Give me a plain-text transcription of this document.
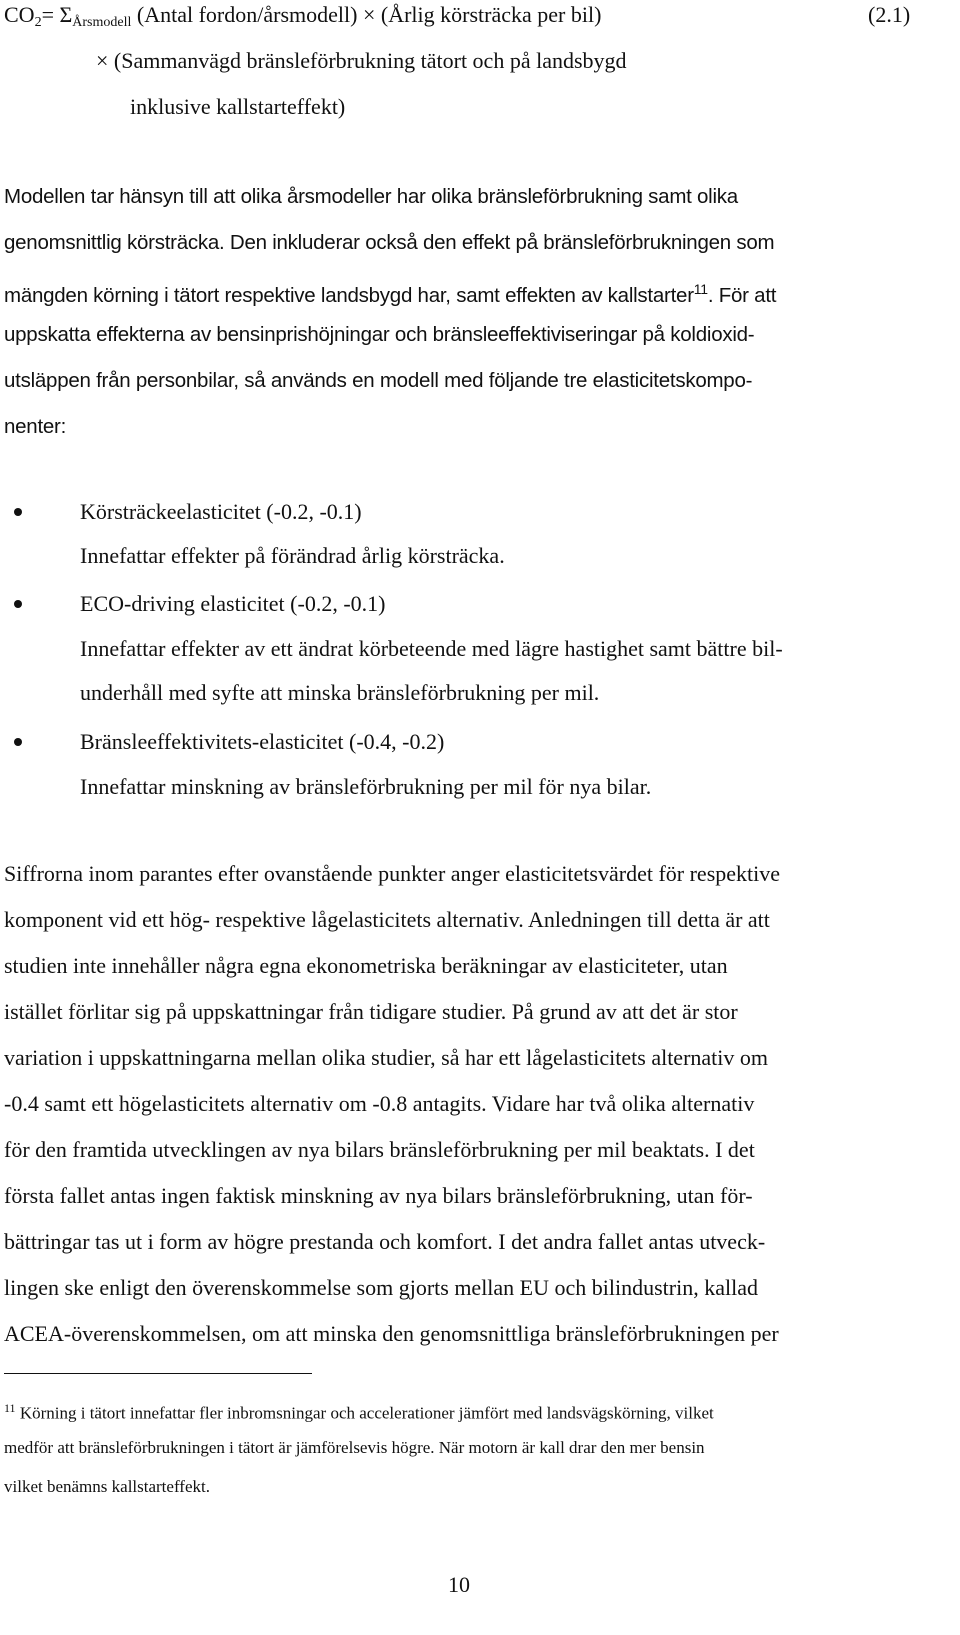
$CO_2= \Sigma_{Årsmodell}$ (Antal fordon/årsmodell) × (Årlig körsträcka per bil)	(2.1)
× (Sammanvägd bränsleförbrukning tätort och på landsbygd
inklusive kallstarteffekt)
Modellen tar hänsyn till att olika årsmodeller har olika bränsleförbrukning samt olika
genomsnittlig körsträcka. Den inkluderar också den effekt på bränsleförbrukningen som
mängden körning i tätort respektive landsbygd har, samt effekten av kallstarter$^{11}$. För att
uppskatta effekterna av bensinprishöjningar och bränsleeffektiviseringar på koldioxid-
utsläppen från personbilar, så används en modell med följande tre elasticitetskompo-
nenter:
Körsträckeelasticitet (-0.2, -0.1)
Innefattar effekter på förändrad årlig körsträcka.
ECO-driving elasticitet (-0.2, -0.1)
Innefattar effekter av ett ändrat körbeteende med lägre hastighet samt bättre bil-
underhåll med syfte att minska bränsleförbrukning per mil.
Bränsleeffektivitets-elasticitet (-0.4, -0.2)
Innefattar minskning av bränsleförbrukning per mil för nya bilar.
Siffrorna inom parantes efter ovanstående punkter anger elasticitetsvärdet för respektive
komponent vid ett hög- respektive lågelasticitets alternativ. Anledningen till detta är att
studien inte innehåller några egna ekonometriska beräkningar av elasticiteter, utan
istället förlitar sig på uppskattningar från tidigare studier. På grund av att det är stor
variation i uppskattningarna mellan olika studier, så har ett lågelasticitets alternativ om
-0.4 samt ett högelasticitets alternativ om -0.8 antagits. Vidare har två olika alternativ
för den framtida utvecklingen av nya bilars bränsleförbrukning per mil beaktats. I det
första fallet antas ingen faktisk minskning av nya bilars bränsleförbrukning, utan för-
bättringar tas ut i form av högre prestanda och komfort. I det andra fallet antas utveck-
lingen ske enligt den överenskommelse som gjorts mellan EU och bilindustrin, kallad
ACEA-överenskommelsen, om att minska den genomsnittliga bränsleförbrukningen per
$^{11}$ Körning i tätort innefattar fler inbromsningar och accelerationer jämfört med landsvägskörning, vilket
medför att bränsleförbrukningen i tätort är jämförelsevis högre. När motorn är kall drar den mer bensin
vilket benämns kallstarteffekt.
10
